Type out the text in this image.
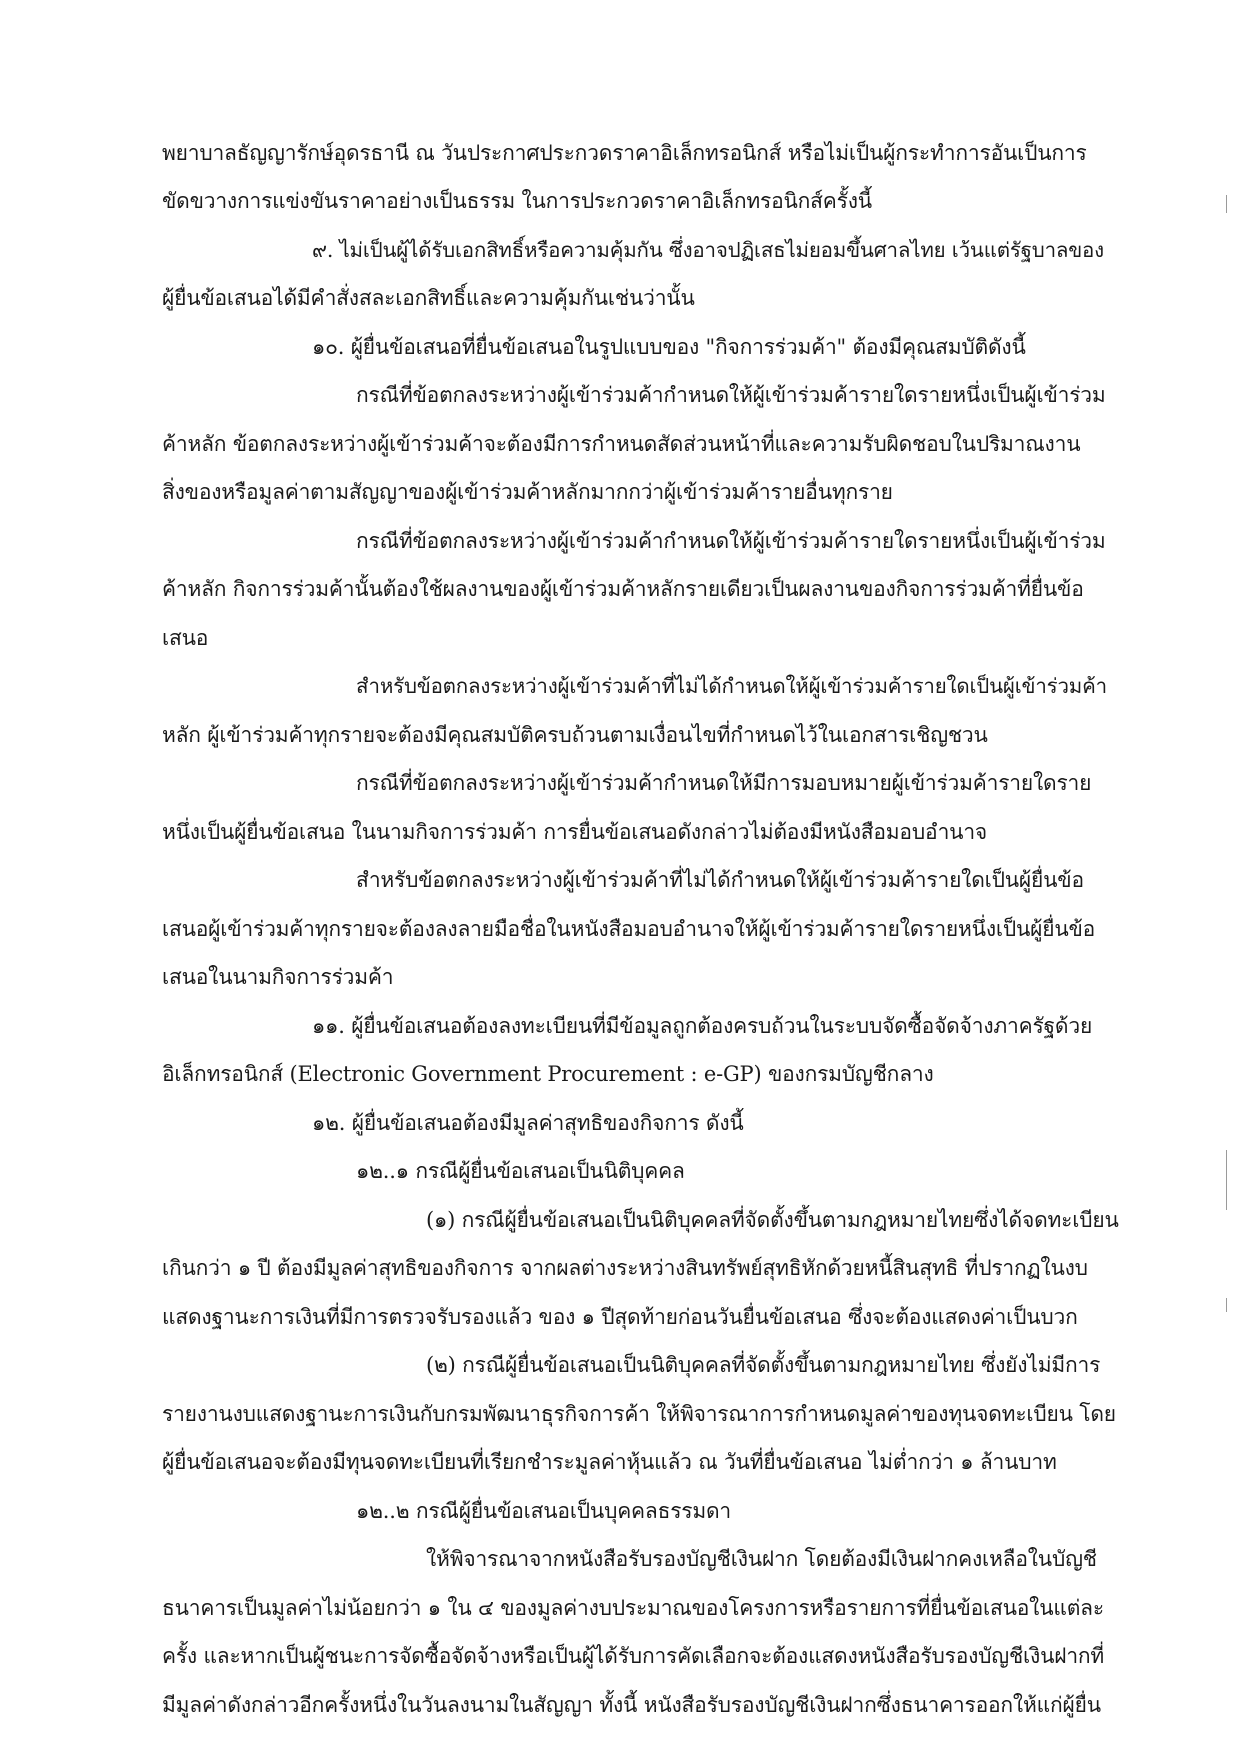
พยาบาลธัญญารักษ์อุดรธานี ณ วันประกาศประกวดราคาอิเล็กทรอนิกส์ หรือไม่เป็นผู้กระทำการอันเป็นการ
ขัดขวางการแข่งขันราคาอย่างเป็นธรรม ในการประกวดราคาอิเล็กทรอนิกส์ครั้งนี้
๙. ไม่เป็นผู้ได้รับเอกสิทธิ์หรือความคุ้มกัน ซึ่งอาจปฏิเสธไม่ยอมขึ้นศาลไทย เว้นแต่รัฐบาลของ
ผู้ยื่นข้อเสนอได้มีคำสั่งสละเอกสิทธิ์และความคุ้มกันเช่นว่านั้น
๑๐. ผู้ยื่นข้อเสนอที่ยื่นข้อเสนอในรูปแบบของ "กิจการร่วมค้า" ต้องมีคุณสมบัติดังนี้
กรณีที่ข้อตกลงระหว่างผู้เข้าร่วมค้ากำหนดให้ผู้เข้าร่วมค้ารายใดรายหนึ่งเป็นผู้เข้าร่วม
ค้าหลัก ข้อตกลงระหว่างผู้เข้าร่วมค้าจะต้องมีการกำหนดสัดส่วนหน้าที่และความรับผิดชอบในปริมาณงาน
สิ่งของหรือมูลค่าตามสัญญาของผู้เข้าร่วมค้าหลักมากกว่าผู้เข้าร่วมค้ารายอื่นทุกราย
กรณีที่ข้อตกลงระหว่างผู้เข้าร่วมค้ากำหนดให้ผู้เข้าร่วมค้ารายใดรายหนึ่งเป็นผู้เข้าร่วม
ค้าหลัก กิจการร่วมค้านั้นต้องใช้ผลงานของผู้เข้าร่วมค้าหลักรายเดียวเป็นผลงานของกิจการร่วมค้าที่ยื่นข้อ
เสนอ
สำหรับข้อตกลงระหว่างผู้เข้าร่วมค้าที่ไม่ได้กำหนดให้ผู้เข้าร่วมค้ารายใดเป็นผู้เข้าร่วมค้า
หลัก ผู้เข้าร่วมค้าทุกรายจะต้องมีคุณสมบัติครบถ้วนตามเงื่อนไขที่กำหนดไว้ในเอกสารเชิญชวน
กรณีที่ข้อตกลงระหว่างผู้เข้าร่วมค้ากำหนดให้มีการมอบหมายผู้เข้าร่วมค้ารายใดราย
หนึ่งเป็นผู้ยื่นข้อเสนอ ในนามกิจการร่วมค้า การยื่นข้อเสนอดังกล่าวไม่ต้องมีหนังสือมอบอำนาจ
สำหรับข้อตกลงระหว่างผู้เข้าร่วมค้าที่ไม่ได้กำหนดให้ผู้เข้าร่วมค้ารายใดเป็นผู้ยื่นข้อ
เสนอผู้เข้าร่วมค้าทุกรายจะต้องลงลายมือชื่อในหนังสือมอบอำนาจให้ผู้เข้าร่วมค้ารายใดรายหนึ่งเป็นผู้ยื่นข้อ
เสนอในนามกิจการร่วมค้า
๑๑. ผู้ยื่นข้อเสนอต้องลงทะเบียนที่มีข้อมูลถูกต้องครบถ้วนในระบบจัดซื้อจัดจ้างภาครัฐด้วย
อิเล็กทรอนิกส์ (Electronic Government Procurement : e-GP) ของกรมบัญชีกลาง
๑๒. ผู้ยื่นข้อเสนอต้องมีมูลค่าสุทธิของกิจการ ดังนี้
๑๒..๑ กรณีผู้ยื่นข้อเสนอเป็นนิติบุคคล
(๑) กรณีผู้ยื่นข้อเสนอเป็นนิติบุคคลที่จัดตั้งขึ้นตามกฎหมายไทยซึ่งได้จดทะเบียน
เกินกว่า ๑ ปี ต้องมีมูลค่าสุทธิของกิจการ จากผลต่างระหว่างสินทรัพย์สุทธิหักด้วยหนี้สินสุทธิ ที่ปรากฏในงบ
แสดงฐานะการเงินที่มีการตรวจรับรองแล้ว ของ ๑ ปีสุดท้ายก่อนวันยื่นข้อเสนอ ซึ่งจะต้องแสดงค่าเป็นบวก
(๒) กรณีผู้ยื่นข้อเสนอเป็นนิติบุคคลที่จัดตั้งขึ้นตามกฎหมายไทย ซึ่งยังไม่มีการ
รายงานงบแสดงฐานะการเงินกับกรมพัฒนาธุรกิจการค้า ให้พิจารณาการกำหนดมูลค่าของทุนจดทะเบียน โดย
ผู้ยื่นข้อเสนอจะต้องมีทุนจดทะเบียนที่เรียกชำระมูลค่าหุ้นแล้ว ณ วันที่ยื่นข้อเสนอ ไม่ต่ำกว่า ๑ ล้านบาท
๑๒..๒ กรณีผู้ยื่นข้อเสนอเป็นบุคคลธรรมดา
ให้พิจารณาจากหนังสือรับรองบัญชีเงินฝาก โดยต้องมีเงินฝากคงเหลือในบัญชี
ธนาคารเป็นมูลค่าไม่น้อยกว่า ๑ ใน ๔ ของมูลค่างบประมาณของโครงการหรือรายการที่ยื่นข้อเสนอในแต่ละ
ครั้ง และหากเป็นผู้ชนะการจัดซื้อจัดจ้างหรือเป็นผู้ได้รับการคัดเลือกจะต้องแสดงหนังสือรับรองบัญชีเงินฝากที่
มีมูลค่าดังกล่าวอีกครั้งหนึ่งในวันลงนามในสัญญา ทั้งนี้ หนังสือรับรองบัญชีเงินฝากซึ่งธนาคารออกให้แก่ผู้ยื่น
